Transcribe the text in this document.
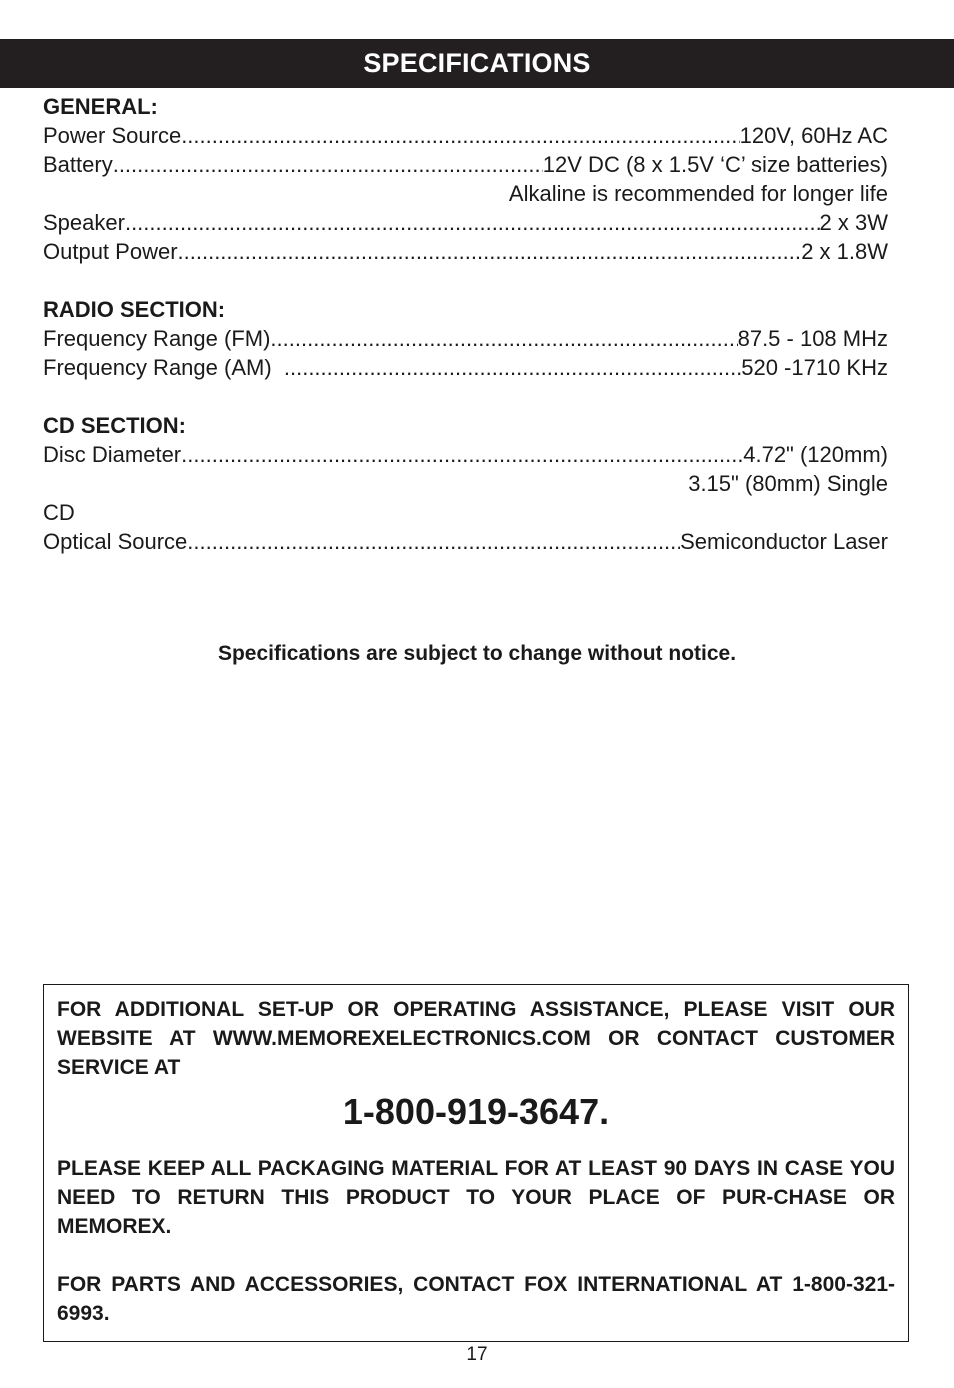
SPECIFICATIONS
GENERAL:
Power Source .....	120V, 60Hz AC
Battery .....	12V DC (8 x 1.5V ‘C’ size batteries)
Alkaline is recommended for longer life
Speaker .....	2 x 3W
Output Power .....	2 x 1.8W
RADIO SECTION:
Frequency Range (FM) .....	87.5 - 108 MHz
Frequency Range (AM) .....	520 -1710 KHz
CD SECTION:
Disc Diameter .....	4.72" (120mm)
3.15" (80mm) Single
CD
Optical Source .....	Semiconductor Laser
Specifications are subject to change without notice.

FOR ADDITIONAL SET-UP OR OPERATING ASSISTANCE, PLEASE VISIT OUR WEBSITE AT WWW.MEMOREXELECTRONICS.COM OR CONTACT CUSTOMER SERVICE AT

1-800-919-3647.

PLEASE KEEP ALL PACKAGING MATERIAL FOR AT LEAST 90 DAYS IN CASE YOU NEED TO RETURN THIS PRODUCT TO YOUR PLACE OF PUR-CHASE OR MEMOREX.

FOR PARTS AND ACCESSORIES, CONTACT FOX INTERNATIONAL AT 1-800-321-6993.

17
